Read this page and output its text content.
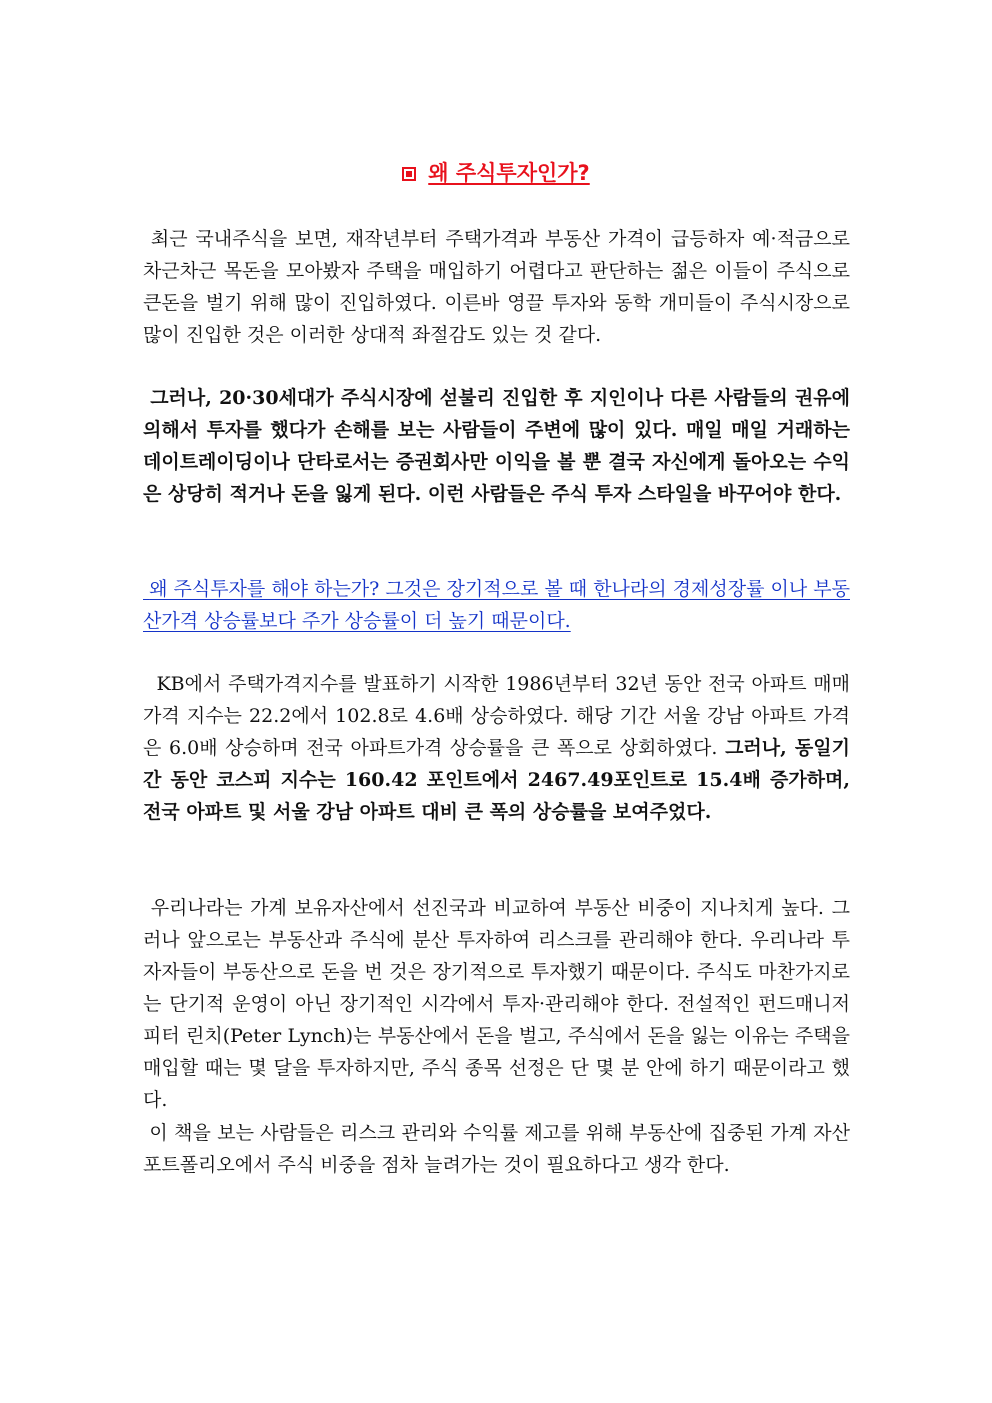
왜 주식투자인가?

최근 국내주식을 보면, 재작년부터 주택가격과 부동산 가격이 급등하자 예·적금으로 차근차근 목돈을 모아봤자 주택을 매입하기 어렵다고 판단하는 젊은 이들이 주식으로 큰돈을 벌기 위해 많이 진입하였다. 이른바 영끌 투자와 동학 개미들이 주식시장으로 많이 진입한 것은 이러한 상대적 좌절감도 있는 것 같다.

그러나, 20·30세대가 주식시장에 섣불리 진입한 후 지인이나 다른 사람들의 권유에 의해서 투자를 했다가 손해를 보는 사람들이 주변에 많이 있다. 매일 매일 거래하는 데이트레이딩이나 단타로서는 증권회사만 이익을 볼 뿐 결국 자신에게 돌아오는 수익은 상당히 적거나 돈을 잃게 된다. 이런 사람들은 주식 투자 스타일을 바꾸어야 한다.

왜 주식투자를 해야 하는가? 그것은 장기적으로 볼 때 한나라의 경제성장률 이나 부동산가격 상승률보다 주가 상승률이 더 높기 때문이다.

KB에서 주택가격지수를 발표하기 시작한 1986년부터 32년 동안 전국 아파트 매매가격 지수는 22.2에서 102.8로 4.6배 상승하였다. 해당 기간 서울 강남 아파트 가격은 6.0배 상승하며 전국 아파트가격 상승률을 큰 폭으로 상회하였다. 그러나, 동일기간 동안 코스피 지수는 160.42 포인트에서 2467.49포인트로 15.4배 증가하며, 전국 아파트 및 서울 강남 아파트 대비 큰 폭의 상승률을 보여주었다.

우리나라는 가계 보유자산에서 선진국과 비교하여 부동산 비중이 지나치게 높다. 그러나 앞으로는 부동산과 주식에 분산 투자하여 리스크를 관리해야 한다. 우리나라 투자자들이 부동산으로 돈을 번 것은 장기적으로 투자했기 때문이다. 주식도 마찬가지로는 단기적 운영이 아닌 장기적인 시각에서 투자·관리해야 한다. 전설적인 펀드매니저 피터 린치(Peter Lynch)는 부동산에서 돈을 벌고, 주식에서 돈을 잃는 이유는 주택을 매입할 때는 몇 달을 투자하지만, 주식 종목 선정은 단 몇 분 안에 하기 때문이라고 했다.

이 책을 보는 사람들은 리스크 관리와 수익률 제고를 위해 부동산에 집중된 가계 자산 포트폴리오에서 주식 비중을 점차 늘려가는 것이 필요하다고 생각 한다.
